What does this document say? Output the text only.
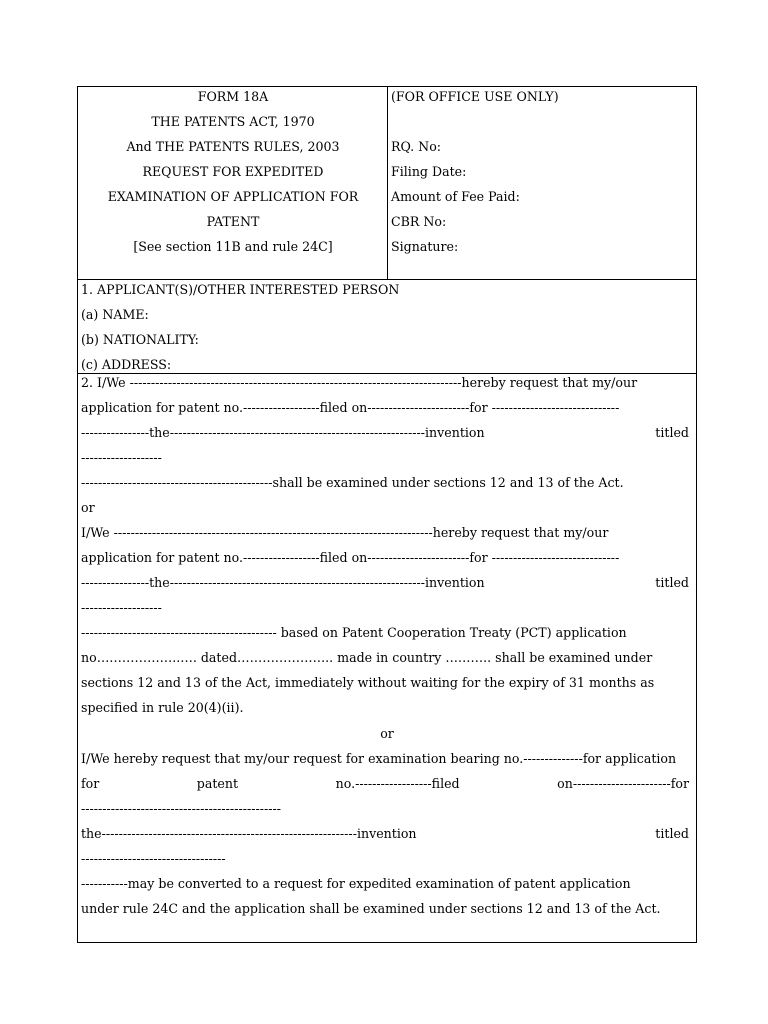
FORM 18A
THE PATENTS ACT, 1970
And THE PATENTS RULES, 2003
REQUEST FOR EXPEDITED
EXAMINATION OF APPLICATION FOR
PATENT
[See section 11B and rule 24C]
(FOR OFFICE USE ONLY)
RQ. No:
Filing Date:
Amount of Fee Paid:
CBR No:
Signature:
1. APPLICANT(S)/OTHER INTERESTED PERSON
(a) NAME:
(b) NATIONALITY:
(c) ADDRESS:
2. I/We ------------------------------------------------------------------------------hereby request that my/our
application for patent no.------------------filed on------------------------for ------------------------------
----------------the------------------------------------------------------------invention	titled
-------------------
---------------------------------------------shall be examined under sections 12 and 13 of the Act.
or
I/We ---------------------------------------------------------------------------hereby request that my/our
application for patent no.------------------filed on------------------------for ------------------------------
----------------the------------------------------------------------------------invention	titled
-------------------
---------------------------------------------- based on Patent Cooperation Treaty (PCT) application
no………………..…. dated………………….. made in country ……….. shall be examined under
sections 12 and 13 of the Act, immediately without waiting for the expiry of 31 months as
specified in rule 20(4)(ii).
or
I/We hereby request that my/our request for examination bearing no.--------------for application
for	patent	no.------------------filed	on-----------------------for
-----------------------------------------------
the------------------------------------------------------------invention	titled
----------------------------------
-----------may be converted to a request for expedited examination of patent application
under rule 24C and the application shall be examined under sections 12 and 13 of the Act.
